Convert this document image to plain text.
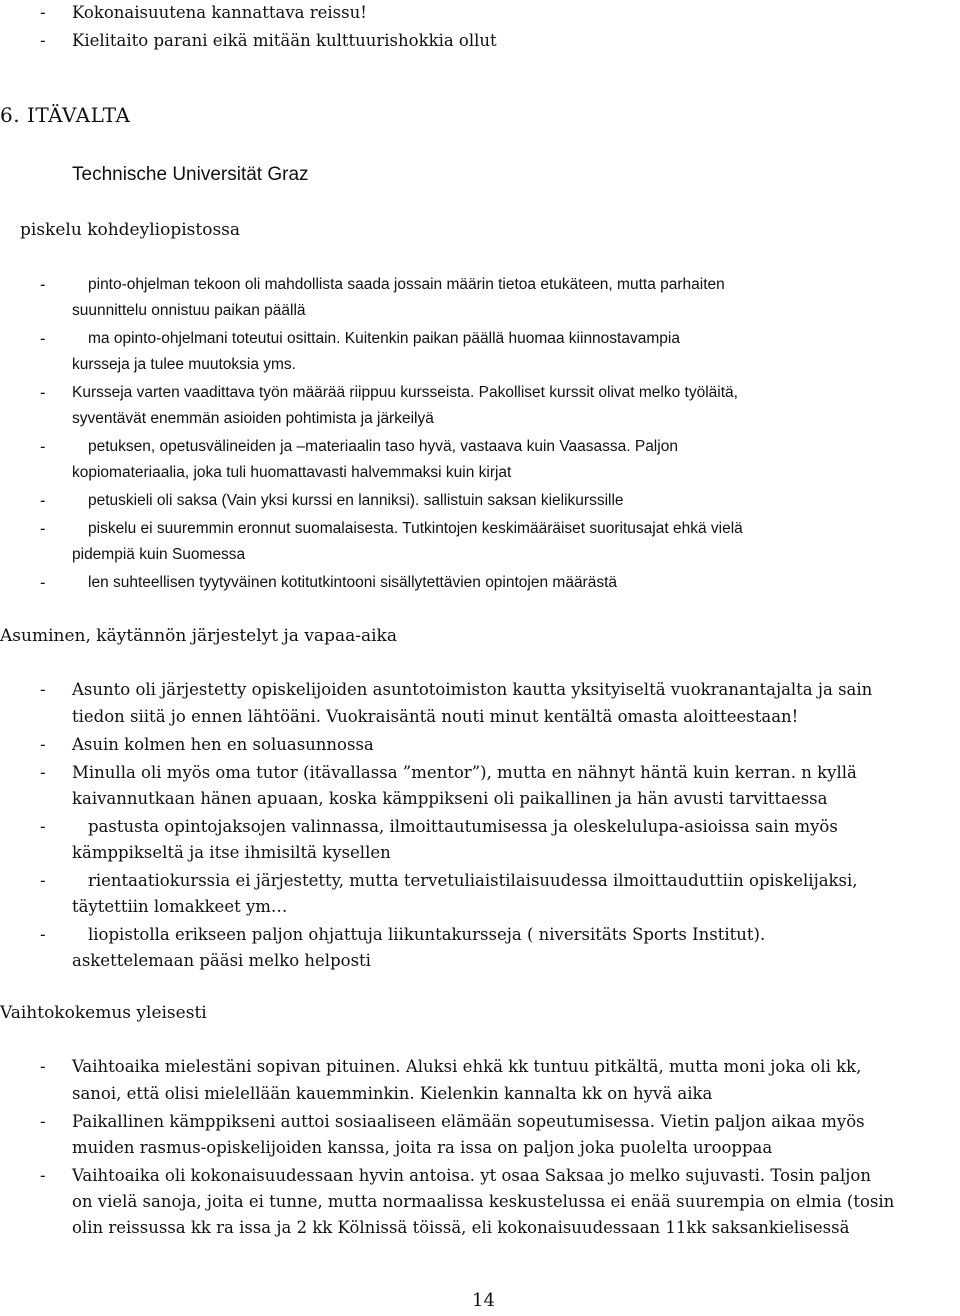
- Kokonaisuutena kannattava reissu!
- Kielitaito parani eikä mitään kulttuurishokkia ollut
6. ITÄVALTA
Technische Universität Graz
piskelu kohdeyliopistossa
-	pinto-ohjelman tekoon oli mahdollista saada jossain määrin tietoa etukäteen, mutta parhaiten
suunnittelu onnistuu paikan päällä
-	ma opinto-ohjelmani toteutui osittain. Kuitenkin paikan päällä huomaa kiinnostavampia
kursseja ja tulee muutoksia yms.
- Kursseja varten vaadittava työn määrää riippuu kursseista. Pakolliset kurssit olivat melko työläitä,
syventävät enemmän asioiden pohtimista ja järkeilyä
-	petuksen, opetusvälineiden ja –materiaalin taso hyvä, vastaava kuin Vaasassa. Paljon
kopiomateriaalia, joka tuli huomattavasti halvemmaksi kuin kirjat
-	petuskieli oli saksa (Vain yksi kurssi en lanniksi). sallistuin saksan kielikurssille
-	piskelu ei suuremmin eronnut suomalaisesta. Tutkintojen keskimääräiset suoritusajat ehkä vielä
pidempiä kuin Suomessa
-	len suhteellisen tyytyväinen kotitutkintooni sisällytettävien opintojen määrästä
Asuminen, käytännön järjestelyt ja vapaa-aika
- Asunto oli järjestetty opiskelijoiden asuntotoimiston kautta yksityiseltä vuokranantajalta ja sain
tiedon siitä jo ennen lähtöäni. Vuokraisäntä nouti minut kentältä omasta aloitteestaan!
- Asuin kolmen hen en soluasunnossa
- Minulla oli myös oma tutor (itävallassa ”mentor”), mutta en nähnyt häntä kuin kerran. n kyllä
kaivannutkaan hänen apuaan, koska kämppikseni oli paikallinen ja hän avusti tarvittaessa
-	pastusta opintojaksojen valinnassa, ilmoittautumisessa ja oleskelulupa-asioissa sain myös
kämppikseltä ja itse ihmisiltä kysellen
-	rientaatiokurssia ei järjestetty, mutta tervetuliaistilaisuudessa ilmoittauduttiin opiskelijaksi,
täytettiin lomakkeet ym…
-	liopistolla erikseen paljon ohjattuja liikuntakursseja ( niversitäts Sports Institut).
askettelemaan pääsi melko helposti
Vaihtokokemus yleisesti
- Vaihtoaika mielestäni sopivan pituinen. Aluksi ehkä kk tuntuu pitkältä, mutta moni joka oli kk,
sanoi, että olisi mielellään kauemminkin. Kielenkin kannalta kk on hyvä aika
- Paikallinen kämppikseni auttoi sosiaaliseen elämään sopeutumisessa. Vietin paljon aikaa myös
muiden rasmus-opiskelijoiden kanssa, joita ra issa on paljon joka puolelta urooppaa
- Vaihtoaika oli kokonaisuudessaan hyvin antoisa. yt osaa Saksaa jo melko sujuvasti. Tosin paljon
on vielä sanoja, joita ei tunne, mutta normaalissa keskustelussa ei enää suurempia on elmia (tosin
olin reissussa kk ra issa ja 2 kk Kölnissä töissä, eli kokonaisuudessaan 11kk saksankielisessä
14
